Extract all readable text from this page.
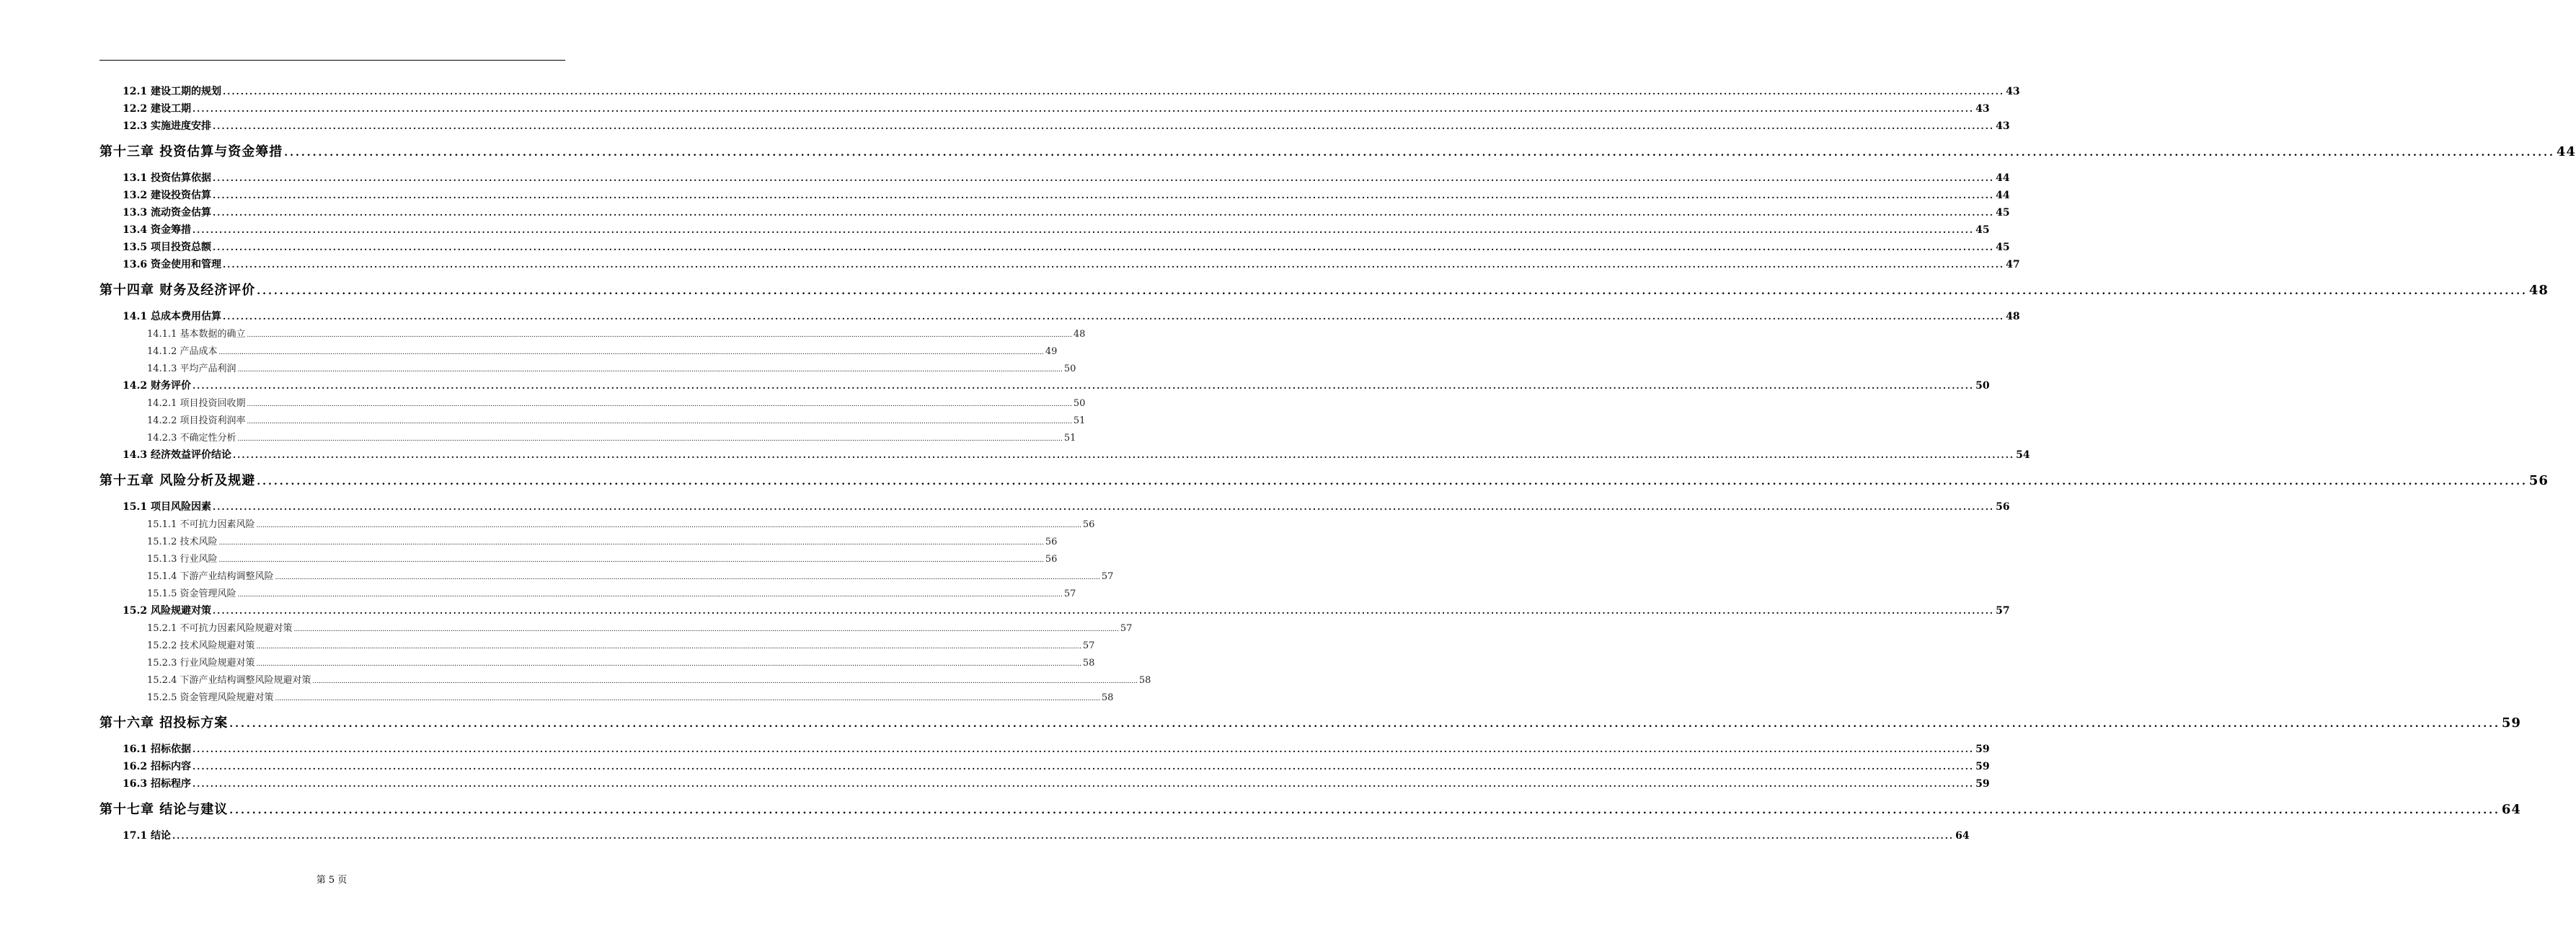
12.1 建设工期的规划 ................................................................................................................................................................................................................................................................................................................................................................................................................ 43
12.2 建设工期 ................................................................................................................................................................................................................................................................................................................................................................................................................ 43
12.3 实施进度安排 ................................................................................................................................................................................................................................................................................................................................................................................................................ 43
第十三章 投资估算与资金筹措 ................................................................................................................................................................................................................................................................................................................................................................................................................ 44
13.1 投资估算依据 ................................................................................................................................................................................................................................................................................................................................................................................................................ 44
13.2 建设投资估算 ................................................................................................................................................................................................................................................................................................................................................................................................................ 44
13.3 流动资金估算 ................................................................................................................................................................................................................................................................................................................................................................................................................ 45
13.4 资金筹措 ................................................................................................................................................................................................................................................................................................................................................................................................................ 45
13.5 项目投资总额 ................................................................................................................................................................................................................................................................................................................................................................................................................ 45
13.6 资金使用和管理 ................................................................................................................................................................................................................................................................................................................................................................................................................ 47
第十四章 财务及经济评价 ................................................................................................................................................................................................................................................................................................................................................................................................................ 48
14.1 总成本费用估算 ................................................................................................................................................................................................................................................................................................................................................................................................................ 48
14.1.1 基本数据的确立 ................................................................................................................................................................................................................................................................................................................................................................................................................ 48
14.1.2 产品成本 ................................................................................................................................................................................................................................................................................................................................................................................................................ 49
14.1.3 平均产品利润 ................................................................................................................................................................................................................................................................................................................................................................................................................ 50
14.2 财务评价 ................................................................................................................................................................................................................................................................................................................................................................................................................ 50
14.2.1 项目投资回收期 ................................................................................................................................................................................................................................................................................................................................................................................................................ 50
14.2.2 项目投资利润率 ................................................................................................................................................................................................................................................................................................................................................................................................................ 51
14.2.3 不确定性分析 ................................................................................................................................................................................................................................................................................................................................................................................................................ 51
14.3 经济效益评价结论 ................................................................................................................................................................................................................................................................................................................................................................................................................ 54
第十五章 风险分析及规避 ................................................................................................................................................................................................................................................................................................................................................................................................................ 56
15.1 项目风险因素 ................................................................................................................................................................................................................................................................................................................................................................................................................ 56
15.1.1 不可抗力因素风险 ................................................................................................................................................................................................................................................................................................................................................................................................................ 56
15.1.2 技术风险 ................................................................................................................................................................................................................................................................................................................................................................................................................ 56
15.1.3 行业风险 ................................................................................................................................................................................................................................................................................................................................................................................................................ 56
15.1.4 下游产业结构调整风险 ................................................................................................................................................................................................................................................................................................................................................................................................................ 57
15.1.5 资金管理风险 ................................................................................................................................................................................................................................................................................................................................................................................................................ 57
15.2 风险规避对策 ................................................................................................................................................................................................................................................................................................................................................................................................................ 57
15.2.1 不可抗力因素风险规避对策 ................................................................................................................................................................................................................................................................................................................................................................................................................ 57
15.2.2 技术风险规避对策 ................................................................................................................................................................................................................................................................................................................................................................................................................ 57
15.2.3 行业风险规避对策 ................................................................................................................................................................................................................................................................................................................................................................................................................ 58
15.2.4 下游产业结构调整风险规避对策 ................................................................................................................................................................................................................................................................................................................................................................................................................ 58
15.2.5 资金管理风险规避对策 ................................................................................................................................................................................................................................................................................................................................................................................................................ 58
第十六章 招投标方案 ................................................................................................................................................................................................................................................................................................................................................................................................................ 59
16.1 招标依据 ................................................................................................................................................................................................................................................................................................................................................................................................................ 59
16.2 招标内容 ................................................................................................................................................................................................................................................................................................................................................................................................................ 59
16.3 招标程序 ................................................................................................................................................................................................................................................................................................................................................................................................................ 59
第十七章 结论与建议 ................................................................................................................................................................................................................................................................................................................................................................................................................ 64
17.1 结论 ................................................................................................................................................................................................................................................................................................................................................................................................................ 64
第 5 页
